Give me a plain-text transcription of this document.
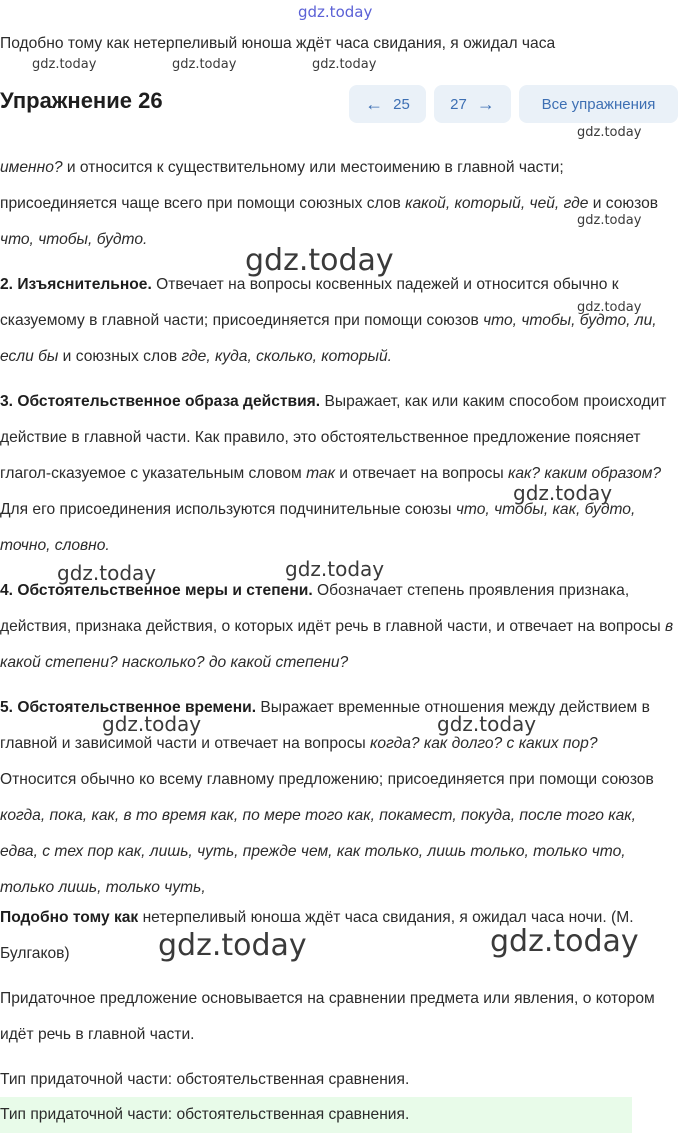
gdz.today

Подобно тому как нетерпеливый юноша ждёт часа свидания, я ожидал часа

gdz.today	gdz.today	gdz.today
Упражнение 26	← 25	27 →	Все упражнения
gdz.today

именно? и относится к существительному или местоимению в главной части; присоединяется чаще всего при помощи союзных слов какой, который, чей, где и союзов что, чтобы, будто.

gdz.today
gdz.today

2. Изъяснительное. Отвечает на вопросы косвенных падежей и относится обычно к сказуемому в главной части; присоединяется при помощи союзов что, чтобы, будто, ли, если бы и союзных слов где, куда, сколько, который.

gdz.today

3. Обстоятельственное образа действия. Выражает, как или каким способом происходит действие в главной части. Как правило, это обстоятельственное предложение поясняет глагол-сказуемое с указательным словом так и отвечает на вопросы как? каким образом? Для его присоединения используются подчинительные союзы что, чтобы, как, будто, точно, словно.

gdz.today
gdz.today	gdz.today

4. Обстоятельственное меры и степени. Обозначает степень проявления признака, действия, признака действия, о которых идёт речь в главной части, и отвечает на вопросы в какой степени? насколько? до какой степени?

5. Обстоятельственное времени. Выражает временные отношения между действием в главной и зависимой части и отвечает на вопросы когда? как долго? с каких пор? Относится обычно ко всему главному предложению; присоединяется при помощи союзов когда, пока, как, в то время как, по мере того как, покамест, покуда, после того как, едва, с тех пор как, лишь, чуть, прежде чем, как только, лишь только, только что, только лишь, только чуть,

gdz.today	gdz.today

Подобно тому как нетерпеливый юноша ждёт часа свидания, я ожидал часа ночи. (М. Булгаков)	gdz.today	gdz.today

Придаточное предложение основывается на сравнении предмета или явления, о котором идёт речь в главной части.

Тип придаточной части: обстоятельственная сравнения.

Тип придаточной части: обстоятельственная сравнения.
